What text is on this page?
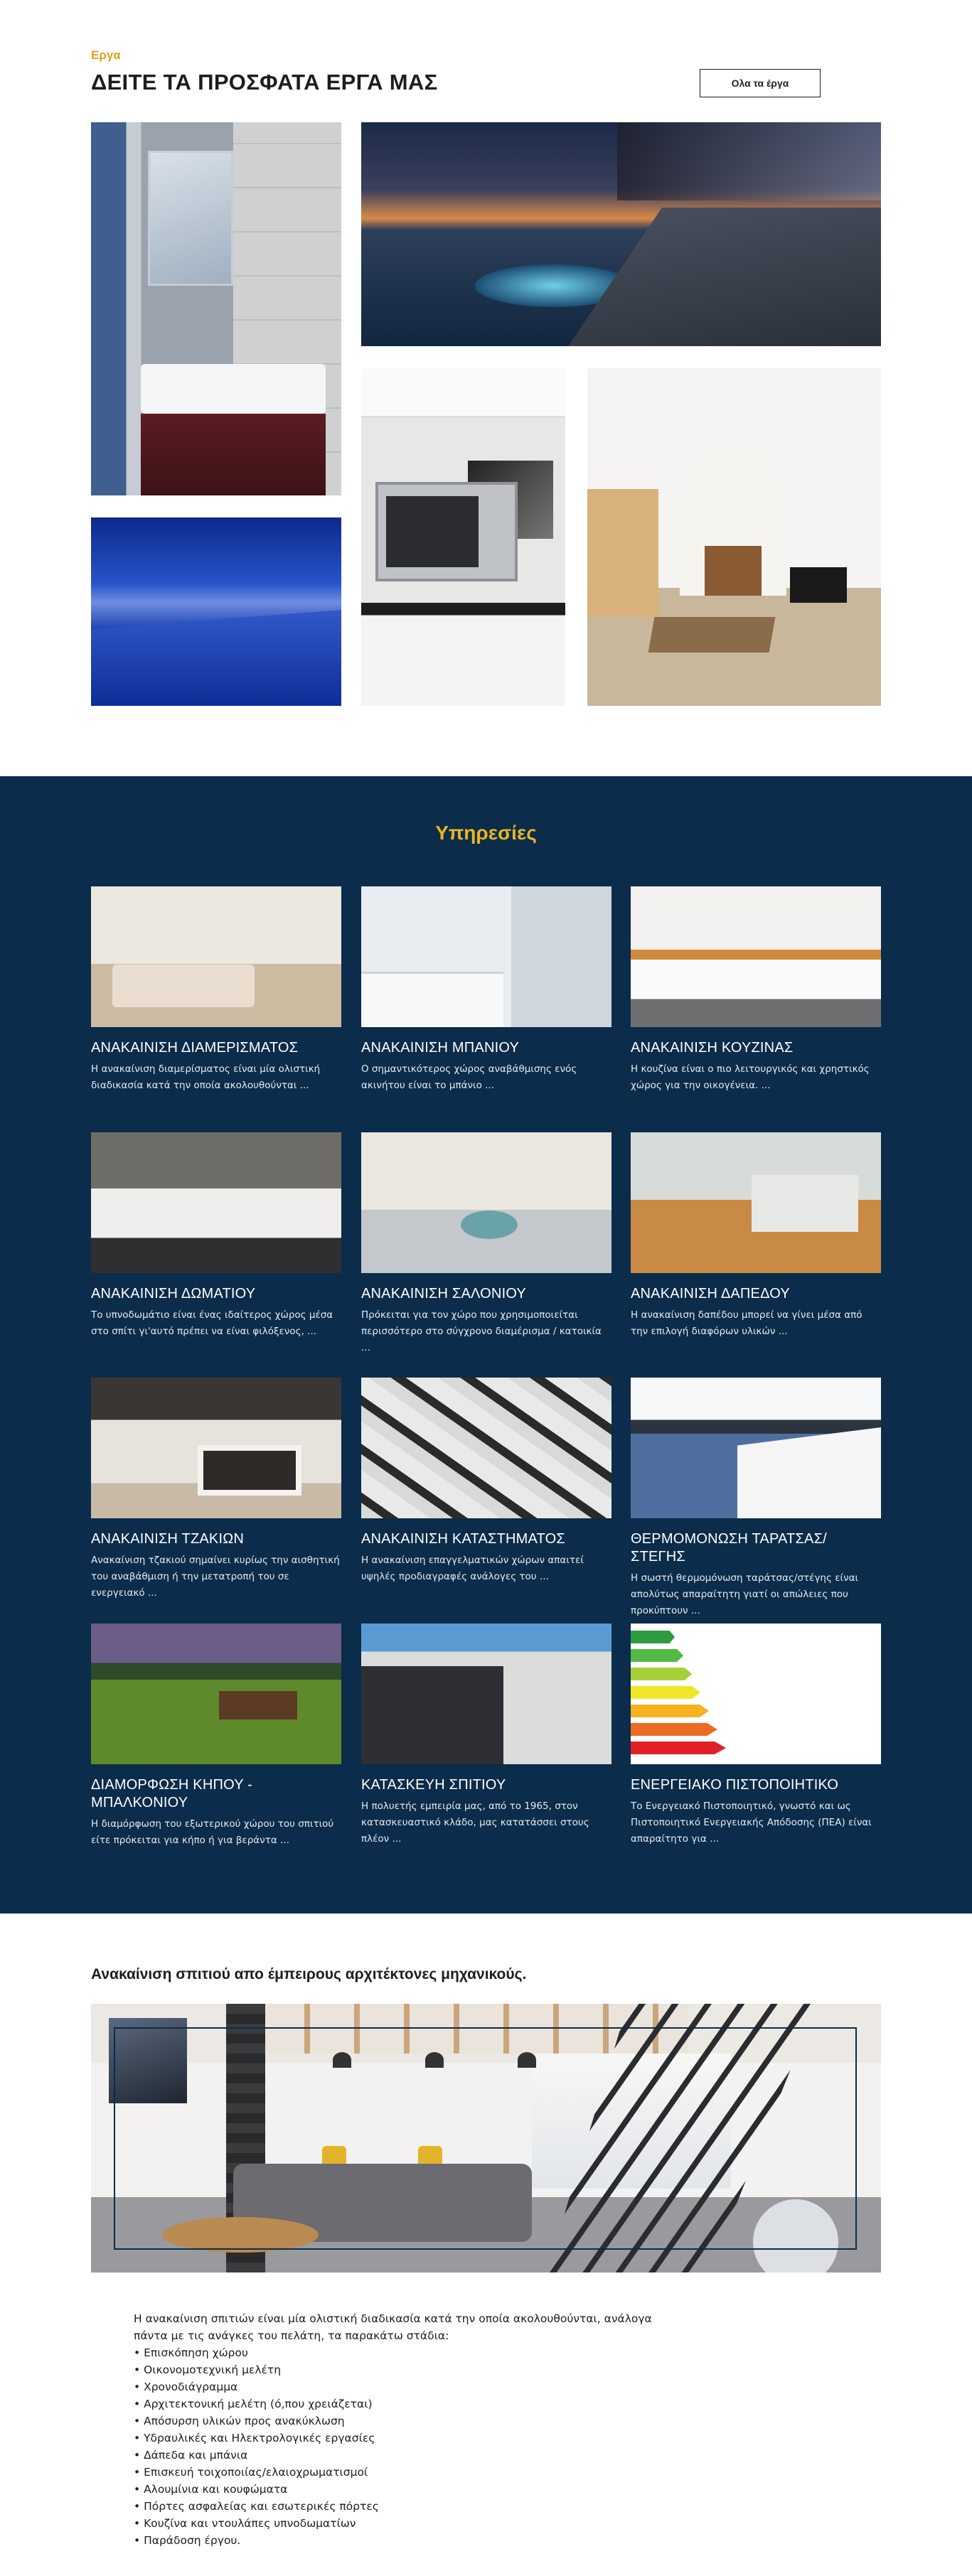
Εργα
ΔΕΙΤΕ ΤΑ ΠΡΟΣΦΑΤΑ ΕΡΓΑ ΜΑΣ	Ολα τα έργα
Υπηρεσίες
ΑΝΑΚΑΙΝΙΣΗ ΔΙΑΜΕΡΙΣΜΑΤΟΣ
Η ανακαίνιση διαμερίσματος είναι μία ολιστική διαδικασία κατά την οποία ακολουθούνται ...
ΑΝΑΚΑΙΝΙΣΗ ΜΠΑΝΙΟΥ
Ο σημαντικότερος χώρος αναβάθμισης ενός ακινήτου είναι το μπάνιο ...
ΑΝΑΚΑΙΝΙΣΗ ΚΟΥΖΙΝΑΣ
Η κουζίνα είναι ο πιο λειτουργικός και χρηστικός χώρος για την οικογένεια. ...
ΑΝΑΚΑΙΝΙΣΗ ΔΩΜΑΤΙΟΥ
Το υπνοδωμάτιο είναι ένας ιδαίτερος χώρος μέσα στο σπίτι γι'αυτό πρέπει να είναι φιλόξενος, ...
ΑΝΑΚΑΙΝΙΣΗ ΣΑΛΟΝΙΟΥ
Πρόκειται για τον χώρο που χρησιμοποιείται περισσότερο στο σύγχρονο διαμέρισμα / κατοικία ...
ΑΝΑΚΑΙΝΙΣΗ ΔΑΠΕΔΟΥ
Η ανακαίνιση δαπέδου μπορεί να γίνει μέσα από την επιλογή διαφόρων υλικών ...
ΑΝΑΚΑΙΝΙΣΗ ΤΖΑΚΙΩΝ
Ανακαίνιση τζακιού σημαίνει κυρίως την αισθητική του αναβάθμιση ή την μετατροπή του σε ενεργειακό ...
ΑΝΑΚΑΙΝΙΣΗ ΚΑΤΑΣΤΗΜΑΤΟΣ
Η ανακαίνιση επαγγελματικών χώρων απαιτεί υψηλές προδιαγραφές ανάλογες του ...
ΘΕΡΜΟΜΟΝΩΣΗ ΤΑΡΑΤΣΑΣ/ΣΤΕΓΗΣ
Η σωστή θερμομόνωση ταράτσας/στέγης είναι απολύτως απαραίτητη γιατί οι απώλειες που προκύπτουν ...
ΔΙΑΜΟΡΦΩΣΗ ΚΗΠΟΥ - ΜΠΑΛΚΟΝΙΟΥ
Η διαμόρφωση του εξωτερικού χώρου του σπιτιού είτε πρόκειται για κήπο ή για βεράντα ...
ΚΑΤΑΣΚΕΥΗ ΣΠΙΤΙΟΥ
Η πολυετής εμπειρία μας, από το 1965, στον κατασκευαστικό κλάδο, μας κατατάσσει στους πλέον ...
ΕΝΕΡΓΕΙΑΚΟ ΠΙΣΤΟΠΟΙΗΤΙΚΟ
Το Ενεργειακό Πιστοποιητικό, γνωστό και ως Πιστοποιητικό Ενεργειακής Απόδοσης (ΠΕΑ) είναι απαραίτητο για ...
Ανακαίνιση σπιτιού απο έμπειρους αρχιτέκτονες μηχανικούς.

Η ανακαίνιση σπιτιών είναι μία ολιστική διαδικασία κατά την οποία ακολουθούνται, ανάλογα πάντα με τις ανάγκες του πελάτη, τα παρακάτω στάδια:

• Επισκόπηση χώρου
• Οικονομοτεχνική μελέτη
• Χρονοδιάγραμμα
• Αρχιτεκτονική μελέτη (ό,που χρειάζεται)
• Απόσυρση υλικών προς ανακύκλωση
• Υδραυλικές και Ηλεκτρολογικές εργασίες
• Δάπεδα και μπάνια
• Επισκευή τοιχοποιίας/ελαιοχρωματισμοί
• Αλουμίνια και κουφώματα
• Πόρτες ασφαλείας και εσωτερικές πόρτες
• Κουζίνα και ντουλάπες υπνοδωματίων
• Παράδοση έργου.
